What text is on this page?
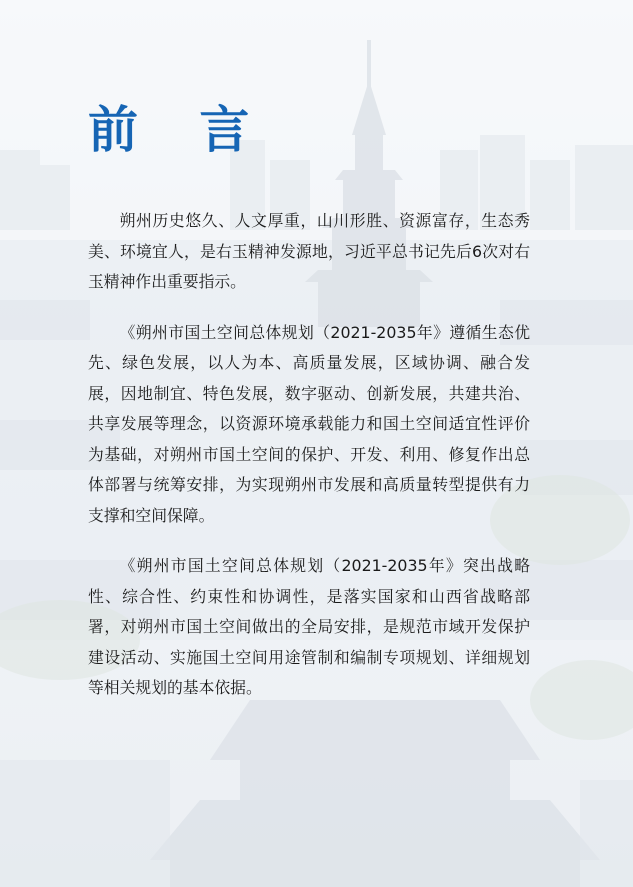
前 言

朔州历史悠久、人文厚重，山川形胜、资源富存，生态秀美、环境宜人，是右玉精神发源地，习近平总书记先后6次对右玉精神作出重要指示。

《朔州市国土空间总体规划（2021-2035年》遵循生态优先、绿色发展，以人为本、高质量发展，区域协调、融合发展，因地制宜、特色发展，数字驱动、创新发展，共建共治、共享发展等理念，以资源环境承载能力和国土空间适宜性评价为基础，对朔州市国土空间的保护、开发、利用、修复作出总体部署与统筹安排，为实现朔州市发展和高质量转型提供有力支撑和空间保障。

《朔州市国土空间总体规划（2021-2035年》突出战略性、综合性、约束性和协调性，是落实国家和山西省战略部署，对朔州市国土空间做出的全局安排，是规范市域开发保护建设活动、实施国土空间用途管制和编制专项规划、详细规划等相关规划的基本依据。
